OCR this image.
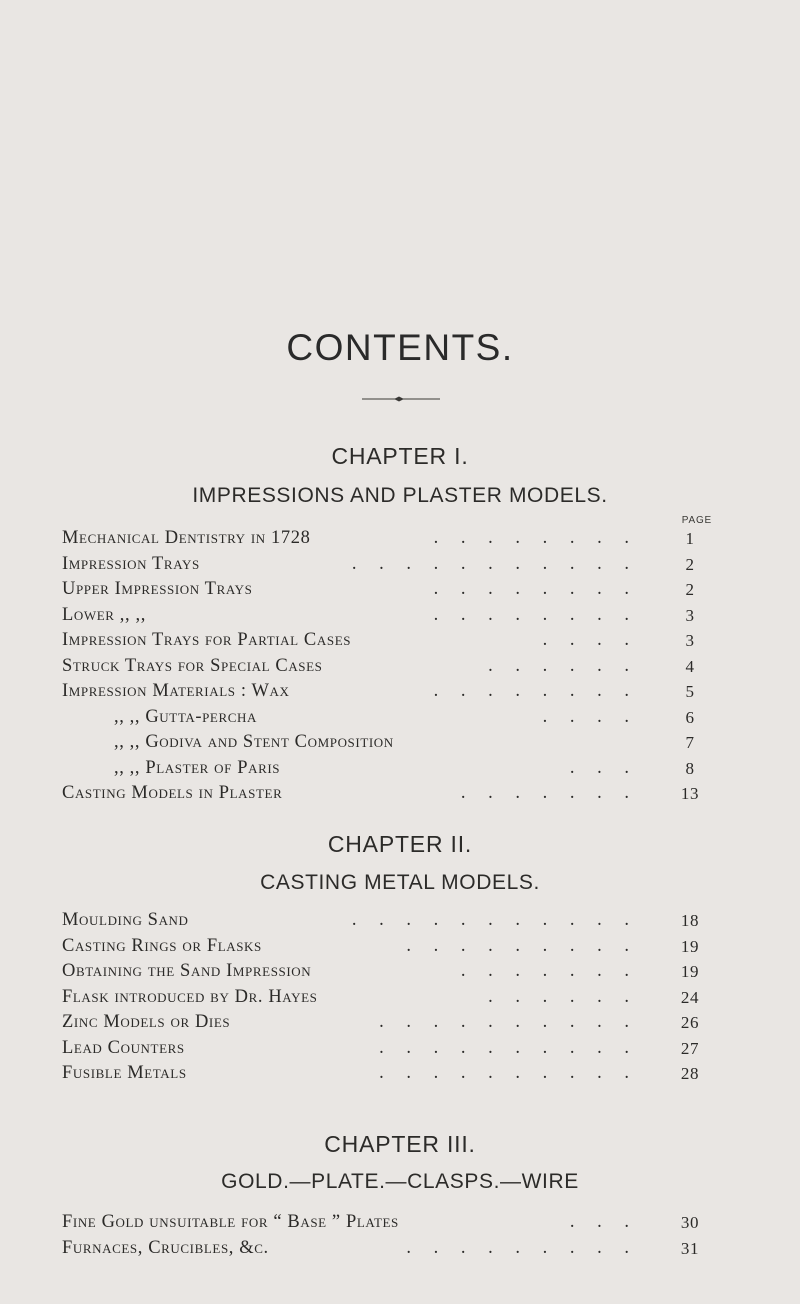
CONTENTS.
CHAPTER I.
IMPRESSIONS AND PLASTER MODELS.
PAGE
Mechanical Dentistry in 1728	. . . . . . . .	1
Impression Trays	. . . . . . . . . . .	2
Upper Impression Trays	. . . . . . . .	2
Lower ,, ,,	. . . . . . . .	3
Impression Trays for Partial Cases	. . . .	3
Struck Trays for Special Cases	. . . . . .	4
Impression Materials : Wax	. . . . . . . .	5
,, ,, Gutta-percha	. . . .	6
,, ,, Godiva and Stent Composition	7
,, ,, Plaster of Paris	. . .	8
Casting Models in Plaster	. . . . . . .	13
CHAPTER II.
CASTING METAL MODELS.
Moulding Sand	. . . . . . . . . . .	18
Casting Rings or Flasks	. . . . . . . . .	19
Obtaining the Sand Impression	. . . . . . .	19
Flask introduced by Dr. Hayes	. . . . . .	24
Zinc Models or Dies	. . . . . . . . . .	26
Lead Counters	. . . . . . . . . .	27
Fusible Metals	. . . . . . . . . .	28
CHAPTER III.
GOLD.—PLATE.—CLASPS.—WIRE
Fine Gold unsuitable for “ Base ” Plates	. . .	30
Furnaces, Crucibles, &c.	. . . . . . . . .	31
